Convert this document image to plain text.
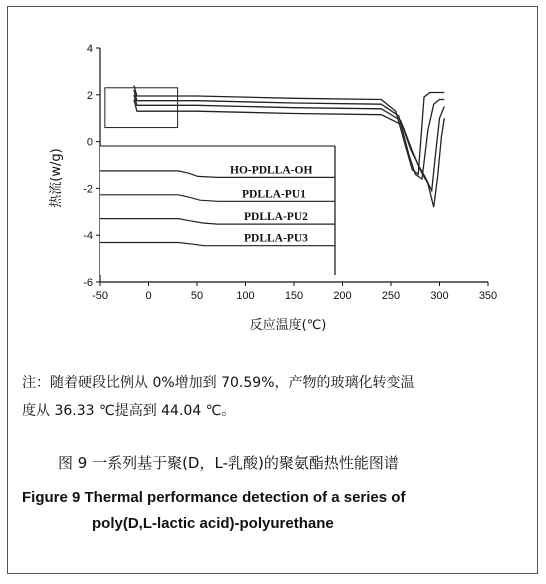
-50	0	50	100	150	200	250	300	350
4
2
0
-2
-4
-6
HO-PDLLA-OH
PDLLA-PU1
PDLLA-PU2
PDLLA-PU3
反应温度(℃)
热流(w/g)
注：随着硬段比例从 0%增加到 70.59%，产物的玻璃化转变温
度从 36.33 ℃提高到 44.04 ℃。
图 9 一系列基于聚(D，L-乳酸)的聚氨酯热性能图谱
Figure 9 Thermal performance detection of a series of
poly(D,L-lactic acid)-polyurethane
